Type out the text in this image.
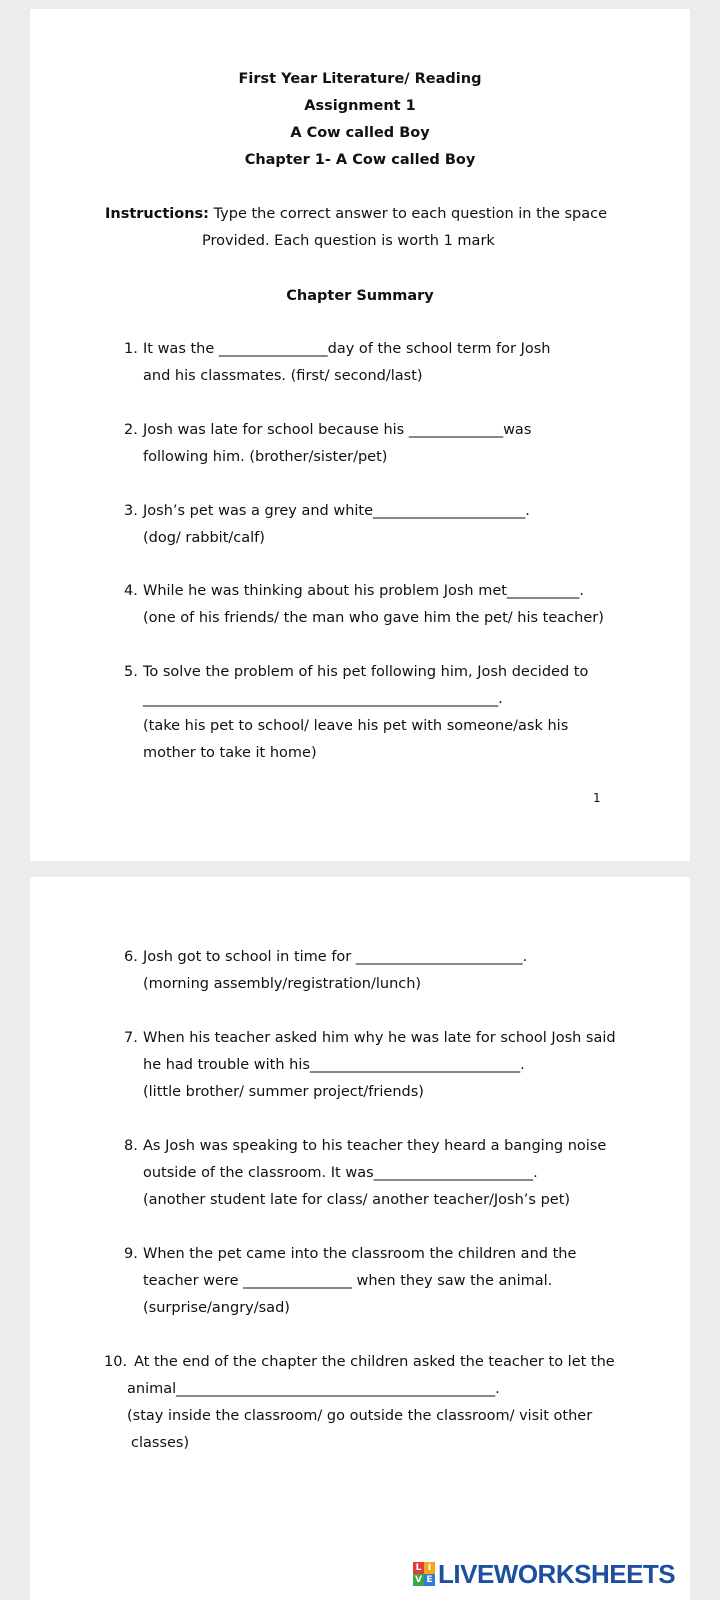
First Year Literature/ Reading
Assignment 1
A Cow called Boy
Chapter 1- A Cow called Boy
Instructions: Type the correct answer to each question in the space
Provided. Each question is worth 1 mark
Chapter Summary
1. It was the _______________day of the school term for Josh
and his classmates. (first/ second/last)
2. Josh was late for school because his _____________was
following him. (brother/sister/pet)
3. Josh’s pet was a grey and white_____________________.
(dog/ rabbit/calf)
4. While he was thinking about his problem Josh met__________.
(one of his friends/ the man who gave him the pet/ his teacher)
5. To solve the problem of his pet following him, Josh decided to
_________________________________________________.
(take his pet to school/ leave his pet with someone/ask his
mother to take it home)
1
6. Josh got to school in time for _______________________.
(morning assembly/registration/lunch)
7. When his teacher asked him why he was late for school Josh said
he had trouble with his_____________________________.
(little brother/ summer project/friends)
8. As Josh was speaking to his teacher they heard a banging noise
outside of the classroom. It was______________________.
(another student late for class/ another teacher/Josh’s pet)
9. When the pet came into the classroom the children and the
teacher were _______________ when they saw the animal.
(surprise/angry/sad)
10. At the end of the chapter the children asked the teacher to let the
animal____________________________________________.
(stay inside the classroom/ go outside the classroom/ visit other
classes)
L I
V E LIVEWORKSHEETS
